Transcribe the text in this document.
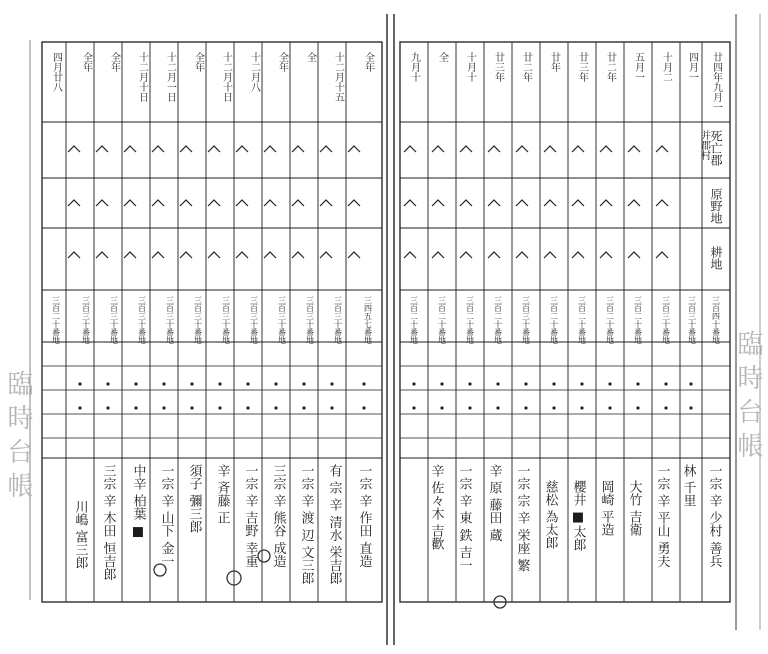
臨時台帳	臨時台帳
死亡郡
并郡村
原野地
耕地
全年
十二月十五
全
全年
十二月八
十二月十日
全年
十二月一日
十二月十日
全年
全年
四月廿八
三四五七番地
三百三十番地
三百三十番地
三百三十番地
三百三十番地
三百三十番地
三百三十番地
三百三十番地
三百三十番地
三百三十番地
三百三十番地
三百二十番地
一宗 辛 作田 直造
有 宗 辛 清水 栄吉郎
一宗 辛 渡 辺 文三郎
三宗 辛 熊谷 成造
一宗 辛 吉野 幸重
辛 斉藤 正
須子 彌三郎
一宗 辛 山下 金一
中辛 柏葉 ■
三宗 辛 木田 恒吉郎
川嶋 富三郎
廿四年九月一
四月一
十月二
五月一
廿二年
廿三年
廿年
廿二年
廿三年
十月十
全
九月十
三百四十番地
三百三十番地
三百三十番地
三百二十番地
三百二十番地
三百二十番地
三百二十番地
三百三十番地
三百二十番地
三百二十番地
三百二十番地
三百二十番地
一宗 辛 少村 善兵
林 千里
一宗 辛 平山 勇夫
大竹 吉衛
岡崎 平造
櫻井 ■太郎
慈松 為太郎
一宗 宗 辛 栄座 繁
辛 原 藤田 蔵
一宗 辛 東 鉄 吉一
辛 佐々木 吉歡
